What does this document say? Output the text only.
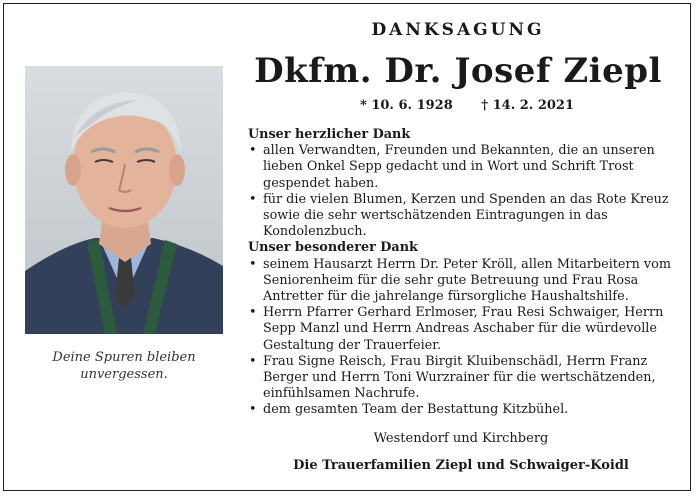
Deine Spuren bleiben
unvergessen.
DANKSAGUNG
Dkfm. Dr. Josef Ziepl
* 10. 6. 1928 † 14. 2. 2021
Unser herzlicher Dank
• allen Verwandten, Freunden und Bekannten, die an unseren lieben Onkel Sepp gedacht und in Wort und Schrift Trost gespendet haben.
• für die vielen Blumen, Kerzen und Spenden an das Rote Kreuz sowie die sehr wertschätzenden Eintragungen in das Kondolenzbuch.
Unser besonderer Dank
• seinem Hausarzt Herrn Dr. Peter Kröll, allen Mitarbeitern vom Seniorenheim für die sehr gute Betreuung und Frau Rosa Antretter für die jahrelange fürsorgliche Haushaltshilfe.
• Herrn Pfarrer Gerhard Erlmoser, Frau Resi Schwaiger, Herrn Sepp Manzl und Herrn Andreas Aschaber für die würdevolle Gestaltung der Trauerfeier.
• Frau Signe Reisch, Frau Birgit Kluibenschädl, Herrn Franz Berger und Herrn Toni Wurzrainer für die wertschätzenden, einfühlsamen Nachrufe.
• dem gesamten Team der Bestattung Kitzbühel.
Westendorf und Kirchberg
Die Trauerfamilien Ziepl und Schwaiger-Koidl
